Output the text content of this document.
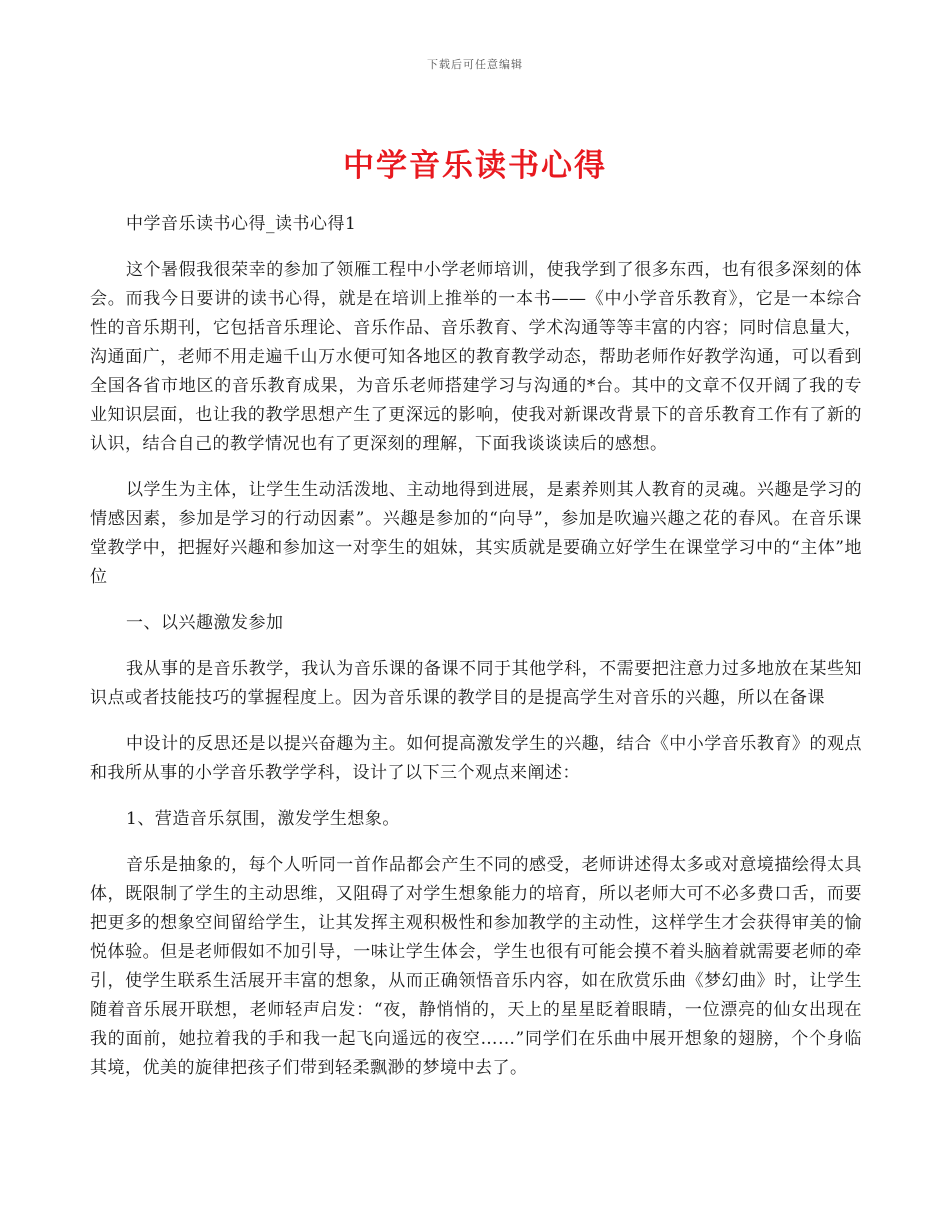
下载后可任意编辑
中学音乐读书心得

中学音乐读书心得_读书心得1

这个暑假我很荣幸的参加了领雁工程中小学老师培训，使我学到了很多东西，也有很多深刻的体会。而我今日要讲的读书心得，就是在培训上推举的一本书——《中小学音乐教育》，它是一本综合性的音乐期刊，它包括音乐理论、音乐作品、音乐教育、学术沟通等等丰富的内容；同时信息量大，沟通面广，老师不用走遍千山万水便可知各地区的教育教学动态，帮助老师作好教学沟通，可以看到全国各省市地区的音乐教育成果，为音乐老师搭建学习与沟通的*台。其中的文章不仅开阔了我的专业知识层面，也让我的教学思想产生了更深远的影响，使我对新课改背景下的音乐教育工作有了新的认识，结合自己的教学情况也有了更深刻的理解，下面我谈谈读后的感想。

以学生为主体，让学生生动活泼地、主动地得到进展，是素养则其人教育的灵魂。兴趣是学习的情感因素，参加是学习的行动因素”。兴趣是参加的“向导”，参加是吹遍兴趣之花的春风。在音乐课堂教学中，把握好兴趣和参加这一对孪生的姐妹，其实质就是要确立好学生在课堂学习中的“主体”地位

一、以兴趣激发参加

我从事的是音乐教学，我认为音乐课的备课不同于其他学科，不需要把注意力过多地放在某些知识点或者技能技巧的掌握程度上。因为音乐课的教学目的是提高学生对音乐的兴趣，所以在备课

中设计的反思还是以提兴奋趣为主。如何提高激发学生的兴趣，结合《中小学音乐教育》的观点和我所从事的小学音乐教学学科，设计了以下三个观点来阐述：

1、营造音乐氛围，激发学生想象。

音乐是抽象的，每个人听同一首作品都会产生不同的感受，老师讲述得太多或对意境描绘得太具体，既限制了学生的主动思维，又阻碍了对学生想象能力的培育，所以老师大可不必多费口舌，而要把更多的想象空间留给学生，让其发挥主观积极性和参加教学的主动性，这样学生才会获得审美的愉悦体验。但是老师假如不加引导，一味让学生体会，学生也很有可能会摸不着头脑着就需要老师的牵引，使学生联系生活展开丰富的想象，从而正确领悟音乐内容，如在欣赏乐曲《梦幻曲》时，让学生随着音乐展开联想，老师轻声启发：“夜，静悄悄的，天上的星星眨着眼睛，一位漂亮的仙女出现在我的面前，她拉着我的手和我一起飞向遥远的夜空……”同学们在乐曲中展开想象的翅膀，个个身临其境，优美的旋律把孩子们带到轻柔飘渺的梦境中去了。
